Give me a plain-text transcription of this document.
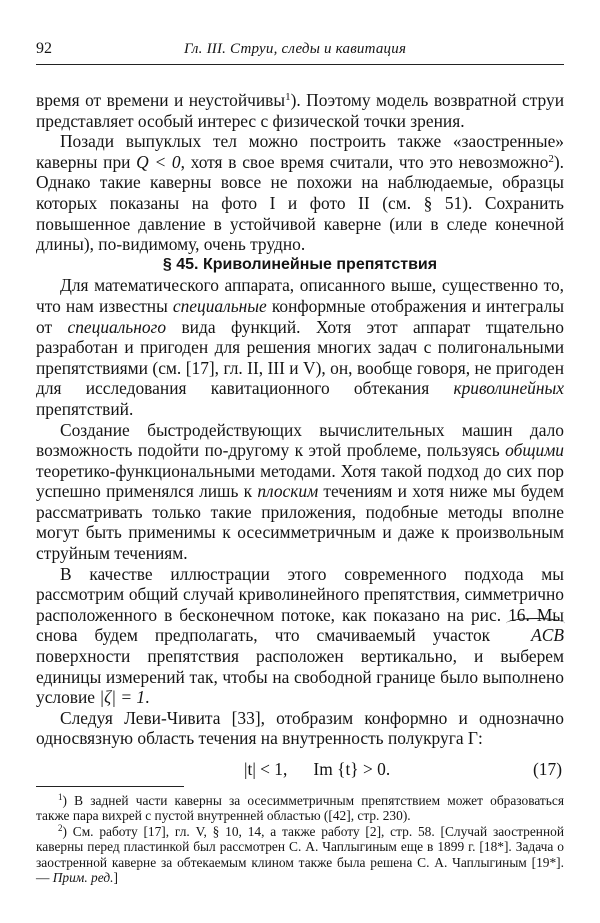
92	Гл. III. Струи, следы и кавитация

время от времени и неустойчивы$^1$). Поэтому модель возвратной струи представляет особый интерес с физической точки зрения.

Позади выпуклых тел можно построить также «заостренные» каверны при Q < 0, хотя в свое время считали, что это невозможно$^2$). Однако такие каверны вовсе не похожи на наблюдаемые, образцы которых показаны на фото I и фото II (см. § 51). Сохранить повышенное давление в устойчивой каверне (или в следе конечной длины), по-видимому, очень трудно.

§ 45. Криволинейные препятствия

Для математического аппарата, описанного выше, существенно то, что нам известны специальные конформные отображения и интегралы от специального вида функций. Хотя этот аппарат тщательно разработан и пригоден для решения многих задач с полигональными препятствиями (см. [17], гл. II, III и V), он, вообще говоря, не пригоден для исследования кавитационного обтекания криволинейных препятствий.

Создание быстродействующих вычислительных машин дало возможность подойти по-другому к этой проблеме, пользуясь общими теоретико-функциональными методами. Хотя такой подход до сих пор успешно применялся лишь к плоским течениям и хотя ниже мы будем рассматривать только такие приложения, подобные методы вполне могут быть применимы к осесимметричным и даже к произвольным струйным течениям.

В качестве иллюстрации этого современного подхода мы рассмотрим общий случай криволинейного препятствия, симметрично расположенного в бесконечном потоке, как показано на рис. 16. Мы снова будем предполагать, что смачиваемый участок ACB поверхности препятствия расположен вертикально, и выберем единицы измерений так, чтобы на свободной границе было выполнено условие |ζ| = 1.

Следуя Леви-Чивита [33], отобразим конформно и однозначно односвязную область течения на внутренность полукруга Г:

|t| < 1,      Im {t} > 0.	(17)

$^1$) В задней части каверны за осесимметричным препятствием может образоваться также пара вихрей с пустой внутренней областью ([42], стр. 230).

$^2$) См. работу [17], гл. V, § 10, 14, а также работу [2], стр. 58. [Случай заостренной каверны перед пластинкой был рассмотрен С. А. Чаплыгиным еще в 1899 г. [18*]. Задача о заостренной каверне за обтекаемым клином также была решена С. А. Чаплыгиным [19*]. — Прим. ред.]
